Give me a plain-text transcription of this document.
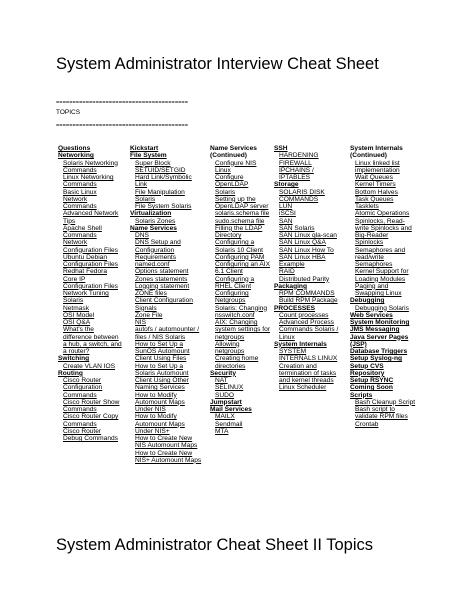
System Administrator Interview Cheat Sheet
========================================
TOPICS
========================================
Questions
Networking
Solaris Networking Commands
Linux Networking Commands
Basic Linux Network Commands
Advanced Network Tips
Apache Shell Commands
Network Configuration Files
Ubuntu Debian Configuration Files
Redhat Fedora Core IP Configuration Files
Network Tuning Solaris
Netmask
OSI Model
OSI Q&A
What's the difference between a hub, a switch, and a router?
Switching
Create VLAN IOS
Routing
Cisco Router Configuration Commands
Cisco Router Show Commands
Cisco Router Copy Commands
Cisco Router Debug Commands
Kickstart
File System
Super Block
SETUID/SETGID
Hard Link/Symbolic Link
File Manipulation
Solaris
File System Solaris
Virtualization
Solaris Zones
Name Services
DNS
DNS Setup and Configuration Requirements
named.conf
Options statement
Zones statements
Logging statement
ZONE files
Client Configuration Signals
Zone File
NIS
autofs / automounter / files / NIS Solaris
How to Set Up a SunOS Automount Client Using Files
How to Set Up a Solaris Automount Client Using Other Naming Services
How to Modify Automount Maps Under NIS
How to Modify Automount Maps Under NIS+
How to Create New NIS Automount Maps
How to Create New NIS+ Automount Maps
Name Services (Continued)
Configure NIS Linux
Configure OpenLDAP Solaris
Setting up the OpenLDAP server
solaris.schema file
sudo.schema file
Filling the LDAP Directory
Configuring a Solaris 10 Client
Configuring PAM
Configuring an AIX 6.1 Client
Configuring a RHEL Client
Configuring Netgroups
Solaris: Changing nsswitch.conf
AIX: Changing system settings for netgroups
Allowing netgroups
Creating home directories
Security
NAT
SELINUX
SUDO
Jumpstart
Mail Services
MAILX
Sendmail
MTA
SSH
HARDENING
FIREWALL
IPCHAINS / IPTABLES
Storage
SOLARIS DISK COMMANDS
LUN
iSCSI
SAN
SAN Solaris
SAN Linux qla-scan
SAN Linux Q&A
SAN Linux How To
SAN Linux HBA Example
RAID
Distributed Parity
Packaging
RPM COMMANDS
Build RPM Package
PROCESSES
Count processes
Advanced Process Commands Solaris / Linux
System Internals
SYSTEM INTERNALS LINUX
Creation and termination of tasks and kernel threads
Linux Scheduler
System Internals (Continued)
Linux linked list implementation
Wait Queues
Kernel Timers
Bottom Halves
Task Queues
Tasklets
Atomic Operations
Spinlocks, Read-write Spinlocks and Big-Reader Spinlocks
Semaphores and read/write Semaphores
Kernel Support for Loading Modules
Paging and Swapping Linux
Debugging
Debugging Solaris
Web Services
System Monitoring
JMS Messaging
Java Server Pages (JSP)
Database Triggers
Setup Syslog-ng
Setup CVS Repository
Setup RSYNC
Coming Soon
Scripts
Bash Cleanup Script
Bash script to validate RPM files
Crontab
System Administrator Cheat Sheet II Topics
